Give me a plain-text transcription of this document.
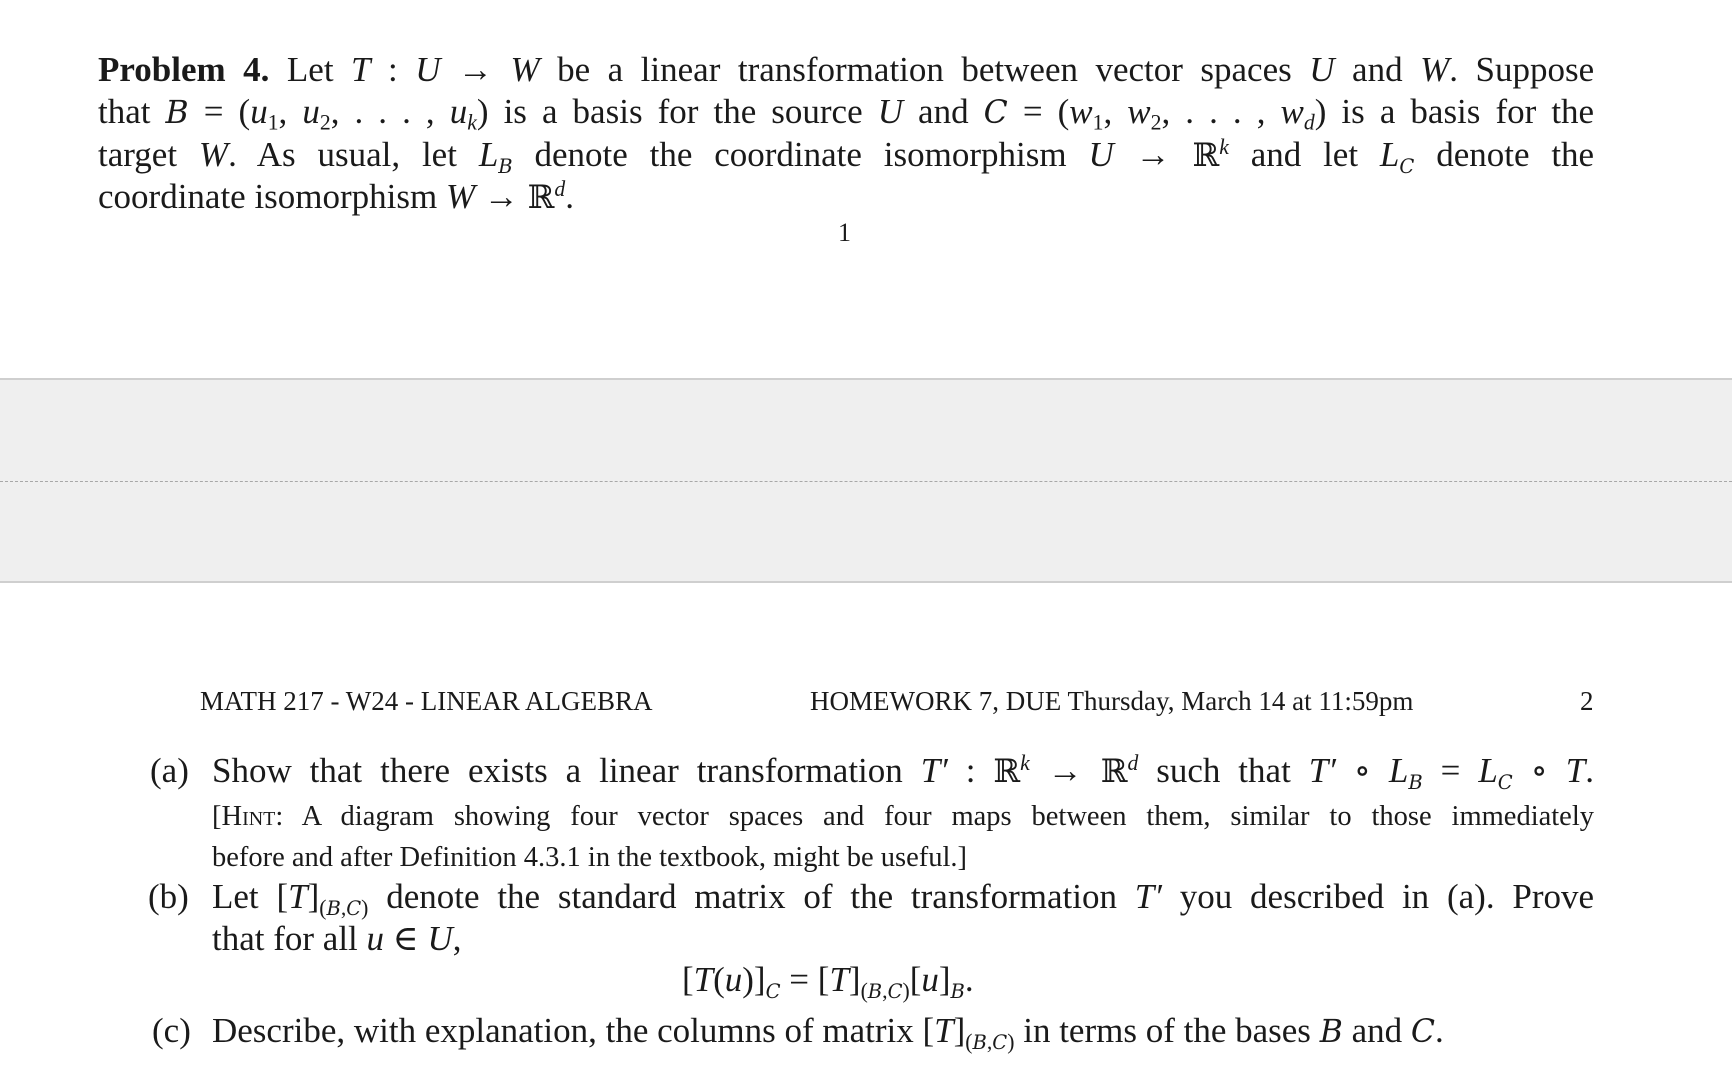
Problem 4. Let T : U → W be a linear transformation between vector spaces U and W. Suppose
that $B = (u_1$, $u_2$, . . . , $u_k$) is a basis for the source U and $C = (w_1$, $w_2$, . . . , $w_d$) is a basis for the
target W. As usual, let $L_B$ denote the coordinate isomorphism U → ℝ$^k$ and let $L_C$ denote the
coordinate isomorphism W → ℝ$^d$.
1
MATH 217 - W24 - LINEAR ALGEBRA	HOMEWORK 7, DUE Thursday, March 14 at 11:59pm	2
(a) Show that there exists a linear transformation T′ : ℝ$^k$ → ℝ$^d$ such that T′ ∘ $L_B = L_C$ ∘ T.
[Hint: A diagram showing four vector spaces and four maps between them, similar to those immediately
before and after Definition 4.3.1 in the textbook, might be useful.]
(b) Let $[T]_{(B,C)}$ denote the standard matrix of the transformation T′ you described in (a). Prove
that for all u ∈ U,
$[T(u)]_C = [T]_{(B,C)}[u]_B$.
(c) Describe, with explanation, the columns of matrix $[T]_{(B,C)}$ in terms of the bases B and C.
